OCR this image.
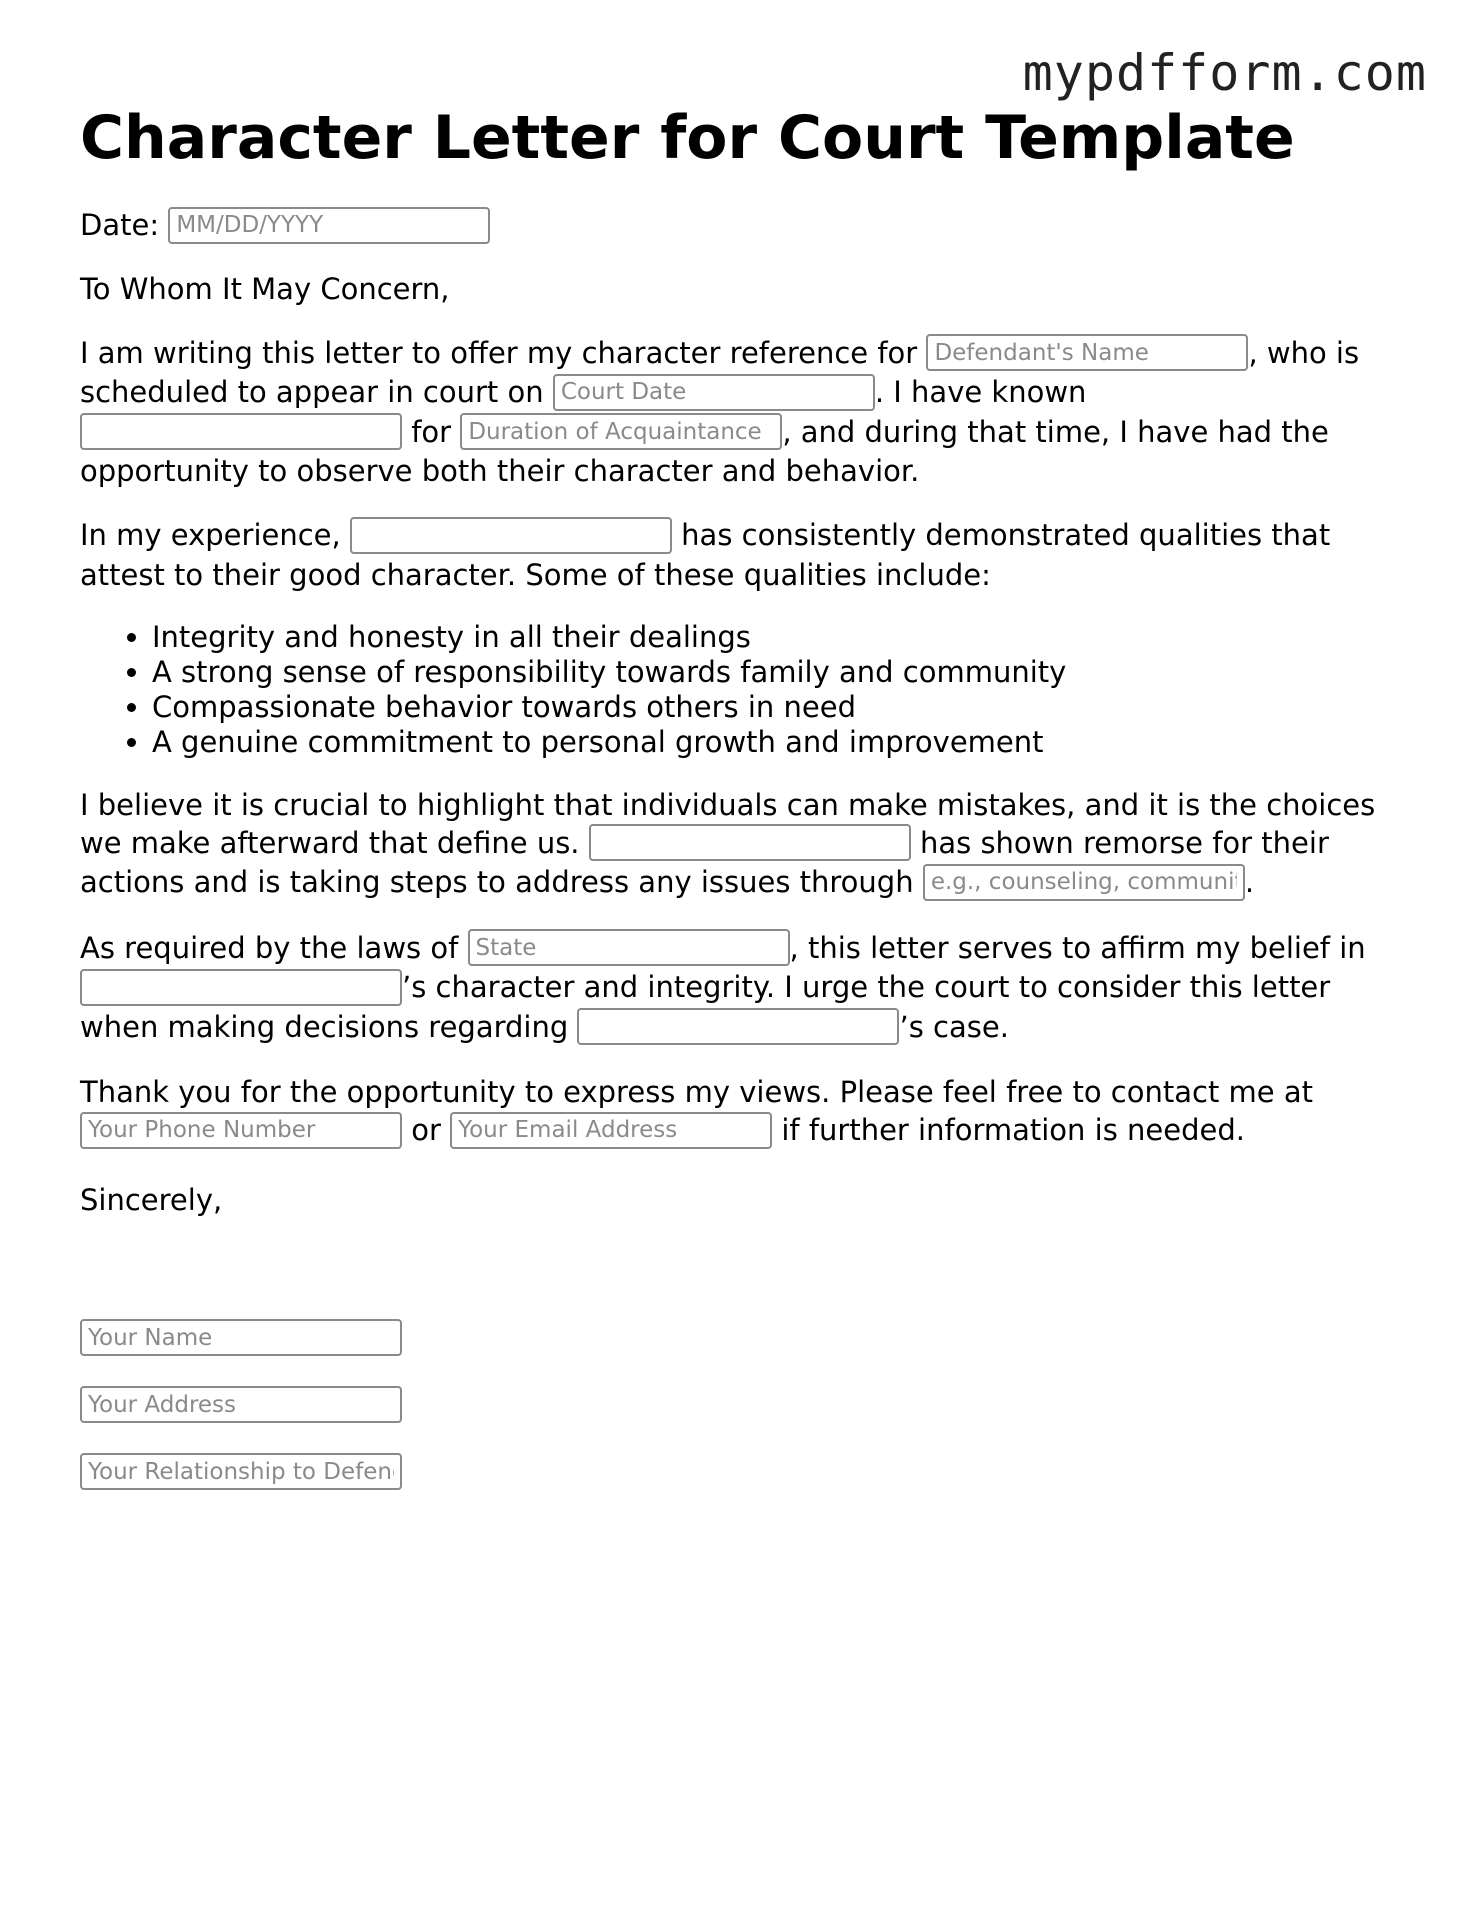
mypdfform.com
Character Letter for Court Template

Date: MM/DD/YYYY

To Whom It May Concern,

I am writing this letter to offer my character reference for Defendant's Name	, who is scheduled to appear in court on Court Date	. I have known  for Duration of Acquaintance	, and during that time, I have had the opportunity to observe both their character and behavior.

In my experience,	has consistently demonstrated qualities that attest to their good character. Some of these qualities include:

• Integrity and honesty in all their dealings
• A strong sense of responsibility towards family and community
• Compassionate behavior towards others in need
• A genuine commitment to personal growth and improvement

I believe it is crucial to highlight that individuals can make mistakes, and it is the choices we make afterward that define us.	has shown remorse for their actions and is taking steps to address any issues through e.g., counseling, community service	.

As required by the laws of State	, this letter serves to affirm my belief in ’s character and integrity. I urge the court to consider this letter when making decisions regarding	’s case.

Thank you for the opportunity to express my views. Please feel free to contact me at Your Phone Number or Your Email Address	if further information is needed.

Sincerely,

Your Name
Your Address
Your Relationship to Defendant
